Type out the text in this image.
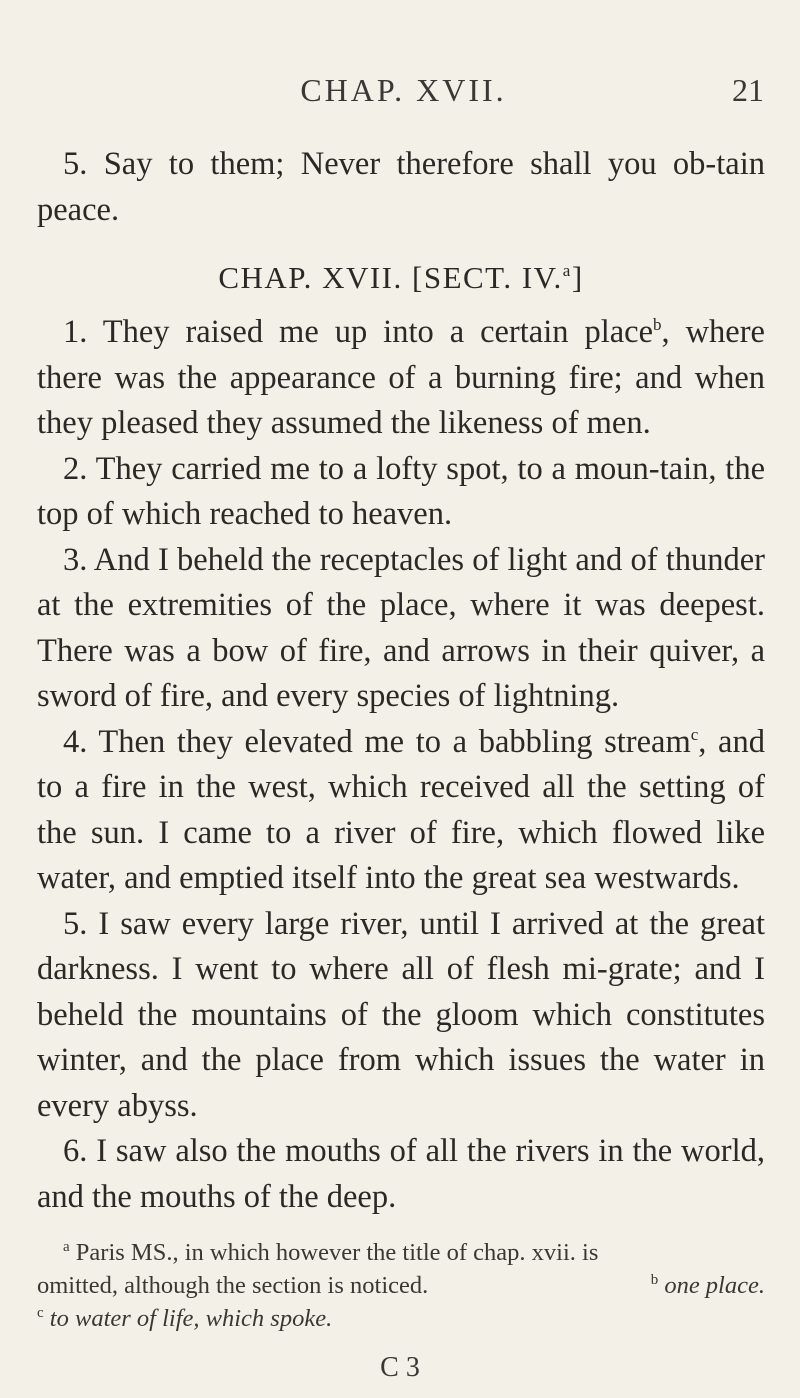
CHAP. XVII.	21

5. Say to them; Never therefore shall you ob-tain peace.

CHAP. XVII. [SECT. IV.$^a$]

1. They raised me up into a certain place$^b$, where there was the appearance of a burning fire; and when they pleased they assumed the likeness of men.

2. They carried me to a lofty spot, to a moun-tain, the top of which reached to heaven.

3. And I beheld the receptacles of light and of thunder at the extremities of the place, where it was deepest. There was a bow of fire, and arrows in their quiver, a sword of fire, and every species of lightning.

4. Then they elevated me to a babbling stream$^c$, and to a fire in the west, which received all the setting of the sun. I came to a river of fire, which flowed like water, and emptied itself into the great sea westwards.

5. I saw every large river, until I arrived at the great darkness. I went to where all of flesh mi-grate; and I beheld the mountains of the gloom which constitutes winter, and the place from which issues the water in every abyss.

6. I saw also the mouths of all the rivers in the world, and the mouths of the deep.

$^a$ Paris MS., in which however the title of chap. xvii. is

omitted, although the section is noticed.	$^b$ one place.

$^c$ to water of life, which spoke.

C 3
